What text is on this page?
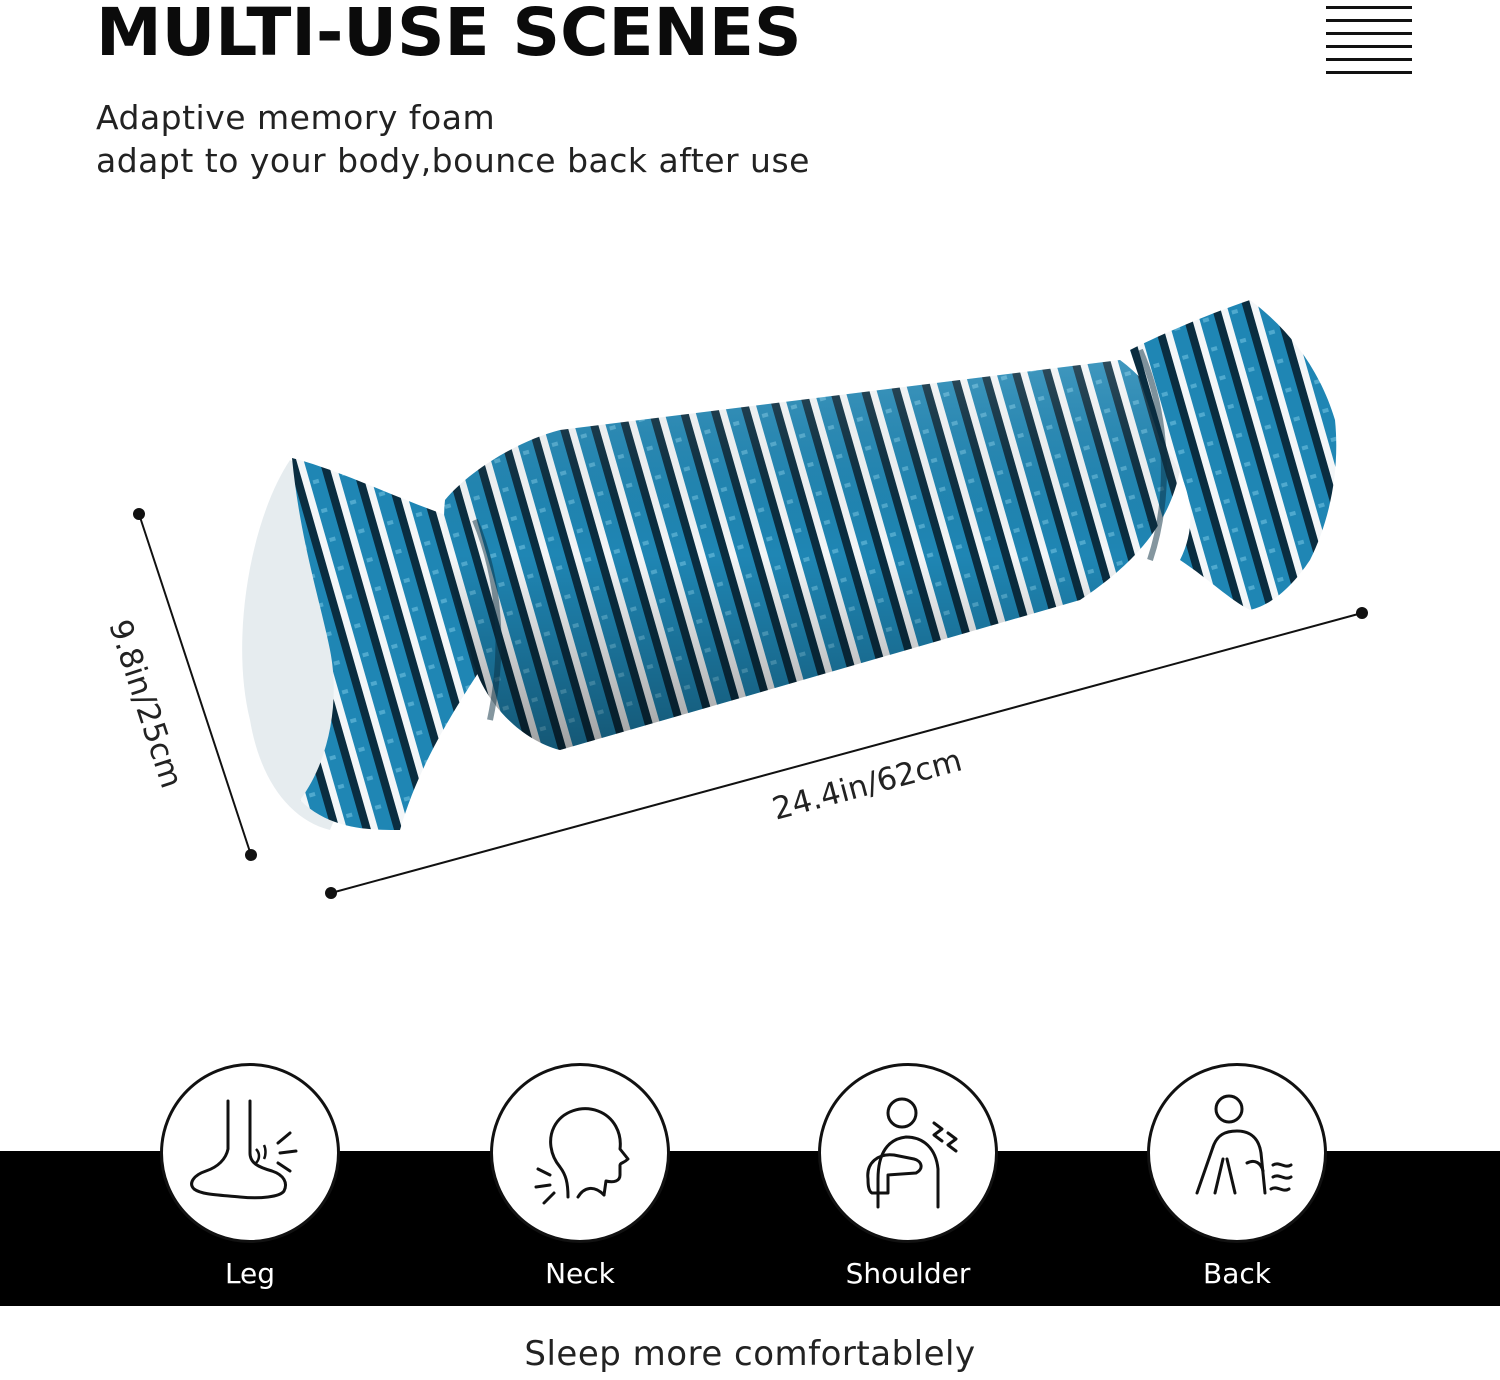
MULTI-USE SCENES
Adaptive memory foam
adapt to your body,bounce back after use
9.8in/25cm	24.4in/62cm
Leg	Neck	Shoulder	Back
Sleep more comfortablely
